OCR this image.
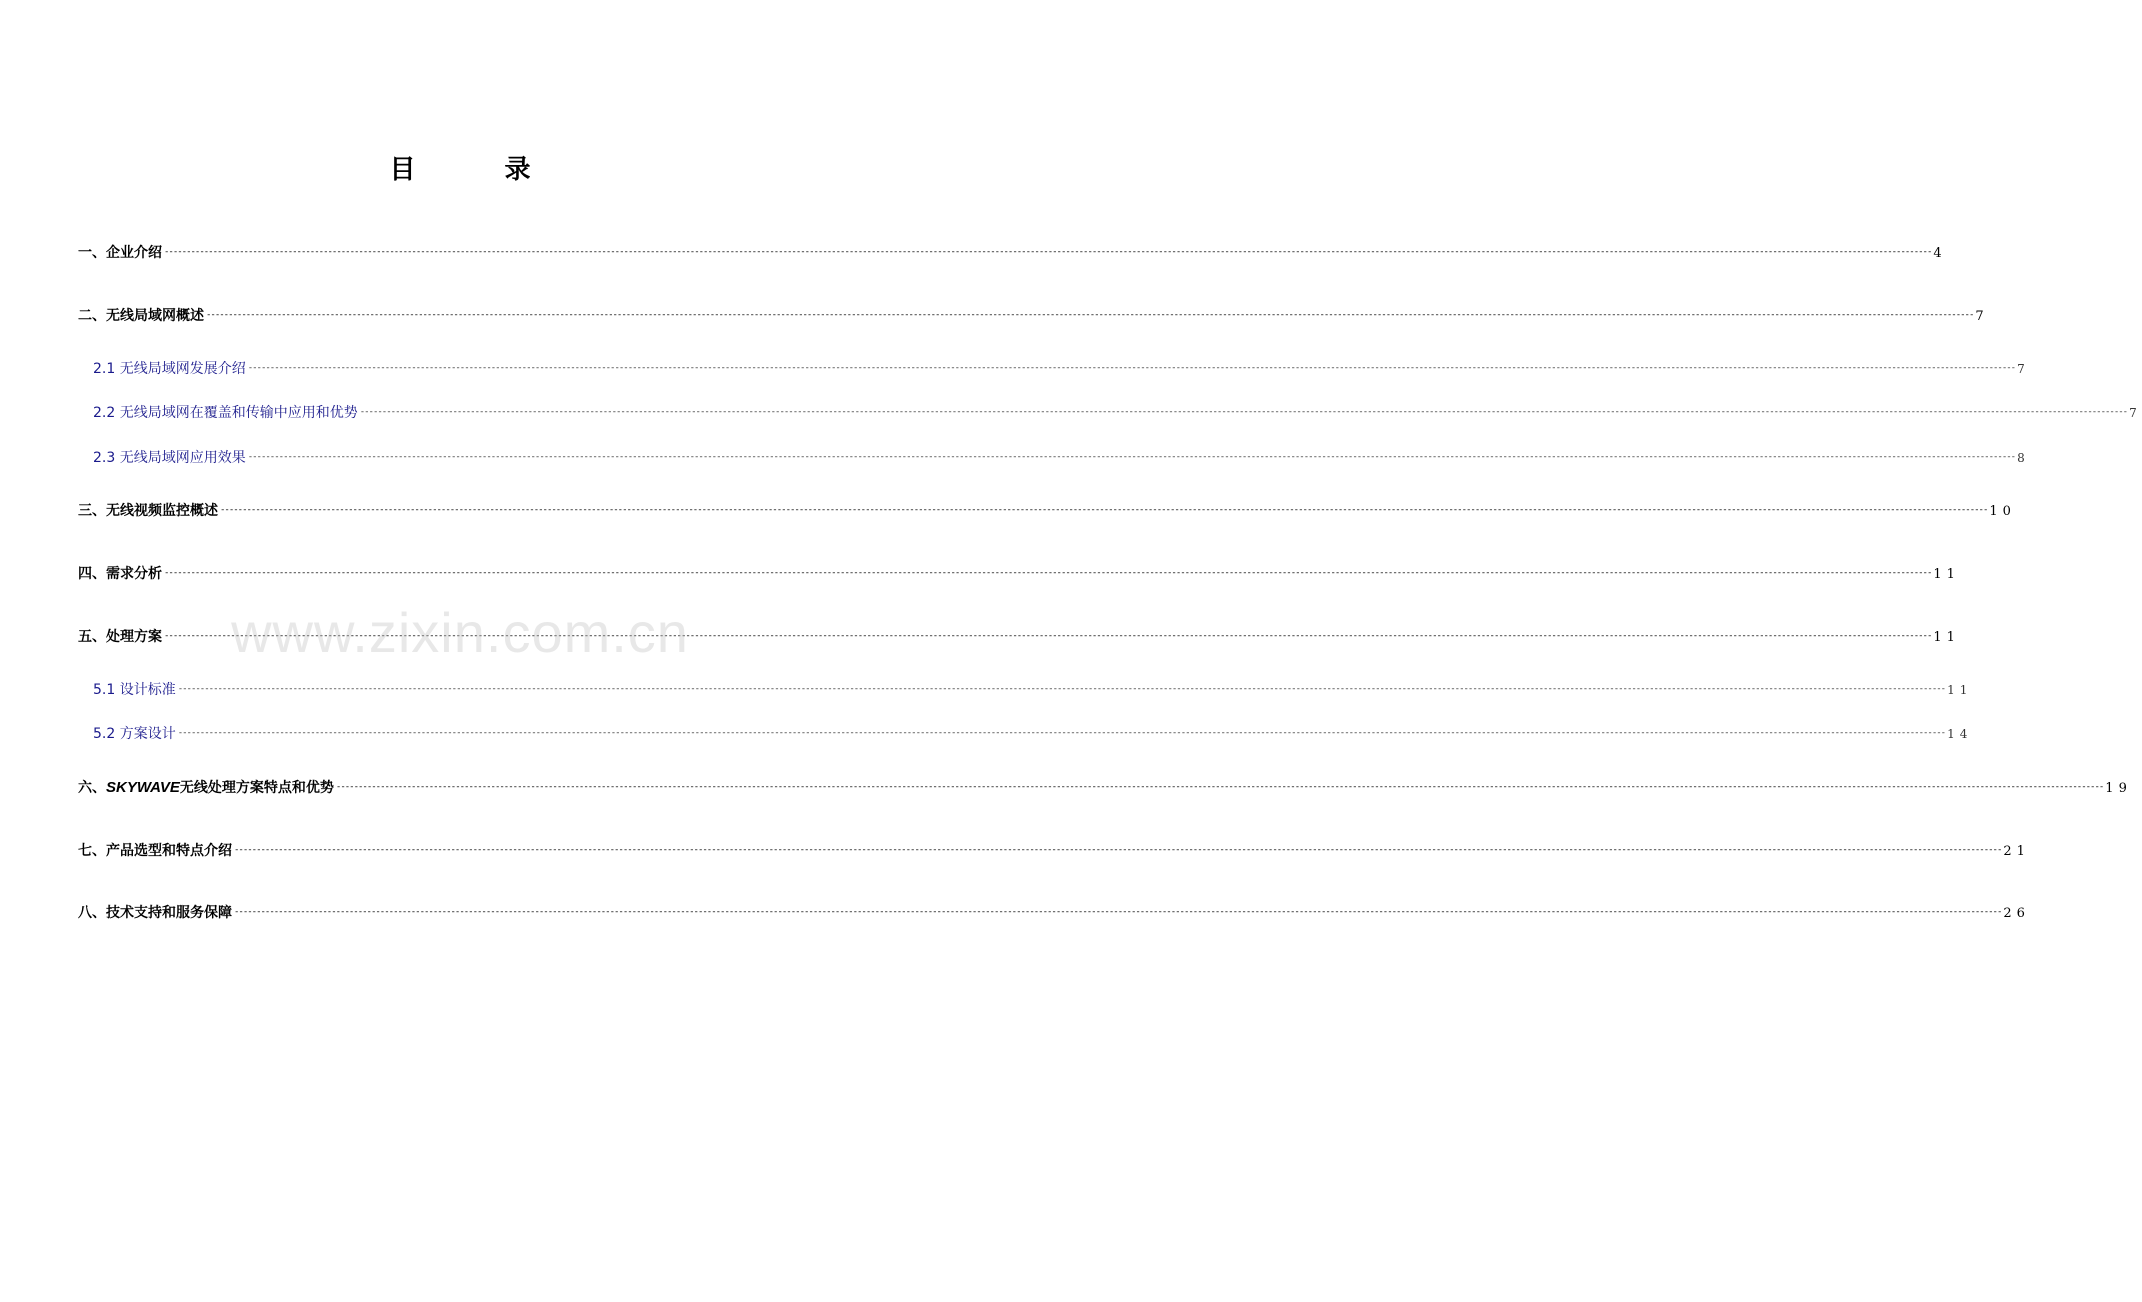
目 录
一、企业介绍 ---------------------------------------------------------------------------------------------------------------------------------------------------------------------------------------------------------------------------------------------------------------------------------------------------------------------------------------------------------------------------------------------------------------- 4
二、无线局域网概述 ---------------------------------------------------------------------------------------------------------------------------------------------------------------------------------------------------------------------------------------------------------------------------------------------------------------------------------------------------------------------------------------------------------------- 7
2.1 无线局域网发展介绍 ---------------------------------------------------------------------------------------------------------------------------------------------------------------------------------------------------------------------------------------------------------------------------------------------------------------------------------------------------------------------------------------------------------------- 7
2.2 无线局域网在覆盖和传输中应用和优势 ---------------------------------------------------------------------------------------------------------------------------------------------------------------------------------------------------------------------------------------------------------------------------------------------------------------------------------------------------------------------------------------------------------------- 7
2.3 无线局域网应用效果 ---------------------------------------------------------------------------------------------------------------------------------------------------------------------------------------------------------------------------------------------------------------------------------------------------------------------------------------------------------------------------------------------------------------- 8
三、无线视频监控概述 ---------------------------------------------------------------------------------------------------------------------------------------------------------------------------------------------------------------------------------------------------------------------------------------------------------------------------------------------------------------------------------------------------------------- 10
四、需求分析 ---------------------------------------------------------------------------------------------------------------------------------------------------------------------------------------------------------------------------------------------------------------------------------------------------------------------------------------------------------------------------------------------------------------- 11
五、处理方案 ---------------------------------------------------------------------------------------------------------------------------------------------------------------------------------------------------------------------------------------------------------------------------------------------------------------------------------------------------------------------------------------------------------------- 11
5.1 设计标准 ---------------------------------------------------------------------------------------------------------------------------------------------------------------------------------------------------------------------------------------------------------------------------------------------------------------------------------------------------------------------------------------------------------------- 11
5.2 方案设计 ---------------------------------------------------------------------------------------------------------------------------------------------------------------------------------------------------------------------------------------------------------------------------------------------------------------------------------------------------------------------------------------------------------------- 14
六、SKYWAVE无线处理方案特点和优势 ---------------------------------------------------------------------------------------------------------------------------------------------------------------------------------------------------------------------------------------------------------------------------------------------------------------------------------------------------------------------------------------------------------------- 19
七、产品选型和特点介绍 ---------------------------------------------------------------------------------------------------------------------------------------------------------------------------------------------------------------------------------------------------------------------------------------------------------------------------------------------------------------------------------------------------------------- 21
八、技术支持和服务保障 ---------------------------------------------------------------------------------------------------------------------------------------------------------------------------------------------------------------------------------------------------------------------------------------------------------------------------------------------------------------------------------------------------------------- 26
www.zixin.com.cn
